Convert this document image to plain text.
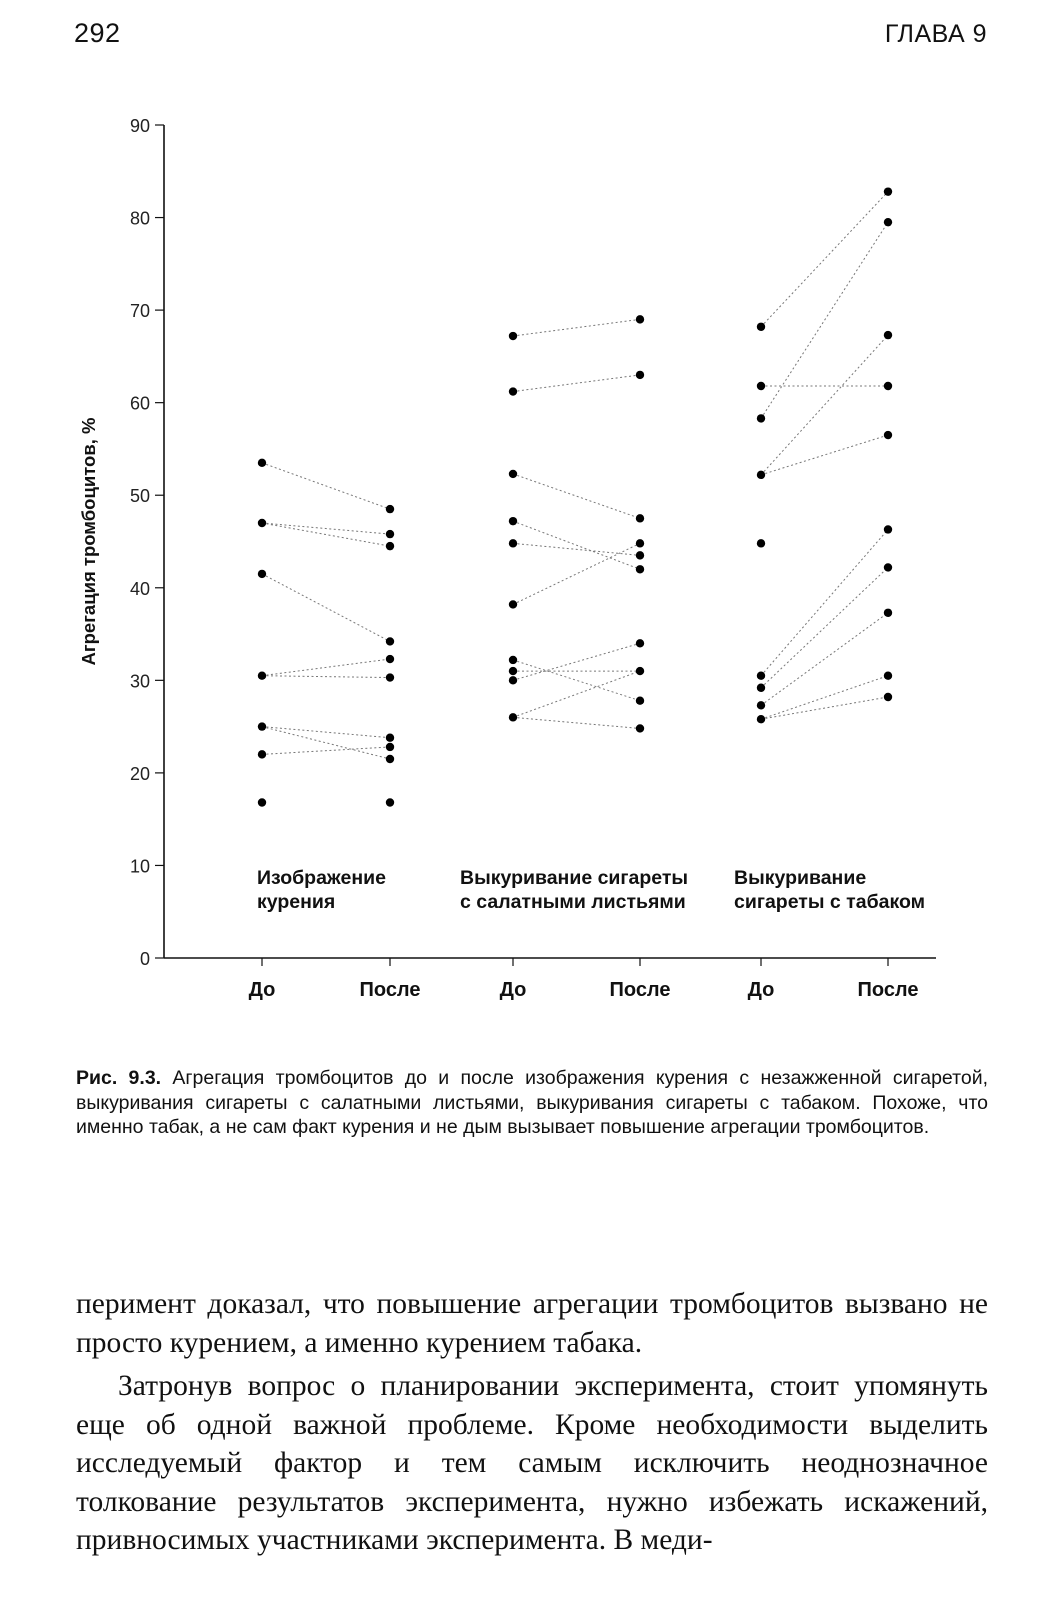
292	ГЛАВА 9
0
10
20
30
40
50
60
70
80
90
Агрегация тромбоцитов, %
До	После	До	После	До	После
Изображение
курения
Выкуривание сигареты
с салатными листьями
Выкуривание
сигареты с табаком
Рис. 9.3. Агрегация тромбоцитов до и после изображения курения с незажженной сигаретой, выкуривания сигареты с салатными листьями, выкуривания сигареты с табаком. Похоже, что именно табак, а не сам факт курения и не дым вызывает повышение агрегации тромбоцитов.

перимент доказал, что повышение агрегации тромбоцитов вызвано не просто курением, а именно курением табака.

Затронув вопрос о планировании эксперимента, стоит упомянуть еще об одной важной проблеме. Кроме необходимости выделить исследуемый фактор и тем самым исключить неоднозначное толкование результатов эксперимента, нужно избежать искажений, привносимых участниками эксперимента. В меди-
